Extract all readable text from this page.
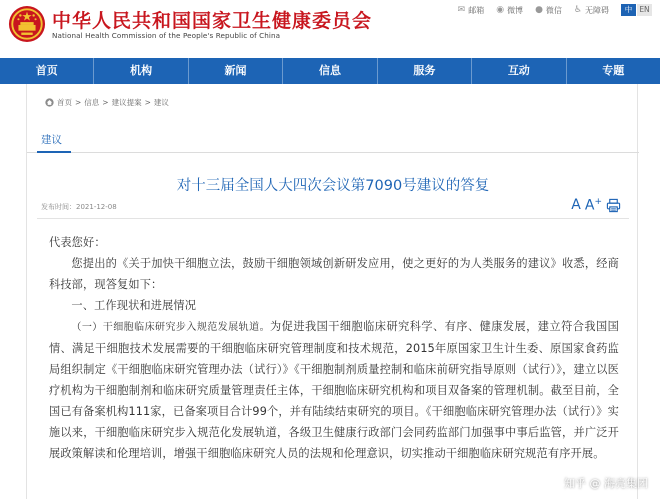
中华人民共和国国家卫生健康委员会
National Health Commission of the People's Republic of China
✉ 邮箱 ◉ 微博 ● 微信 ♿ 无障碍	中 EN
首页	机构	新闻	信息	服务	互动	专题
首页 > 信息 > 建议提案 > 建议
建议
对十三届全国人大四次会议第7090号建议的答复
发布时间：2021-12-08	A A+

代表您好：

您提出的《关于加快干细胞立法，鼓励干细胞领域创新研发应用，使之更好的为人类服务的建议》收悉，经商科技部，现答复如下：

一、工作现状和进展情况

（一）干细胞临床研究步入规范发展轨道。为促进我国干细胞临床研究科学、有序、健康发展，建立符合我国国情、满足干细胞技术发展需要的干细胞临床研究管理制度和技术规范，2015年原国家卫生计生委、原国家食药监局组织制定《干细胞临床研究管理办法（试行）》《干细胞制剂质量控制和临床前研究指导原则（试行）》，建立以医疗机构为干细胞制剂和临床研究质量管理责任主体，干细胞临床研究机构和项目双备案的管理机制。截至目前，全国已有备案机构111家，已备案项目合计99个，并有陆续结束研究的项目。《干细胞临床研究管理办法（试行）》实施以来，干细胞临床研究步入规范化发展轨道，各级卫生健康行政部门会同药监部门加强事中事后监管，并广泛开展政策解读和伦理培训，增强干细胞临床研究人员的法规和伦理意识，切实推动干细胞临床研究规范有序开展。

知乎 @ 海亮集团
